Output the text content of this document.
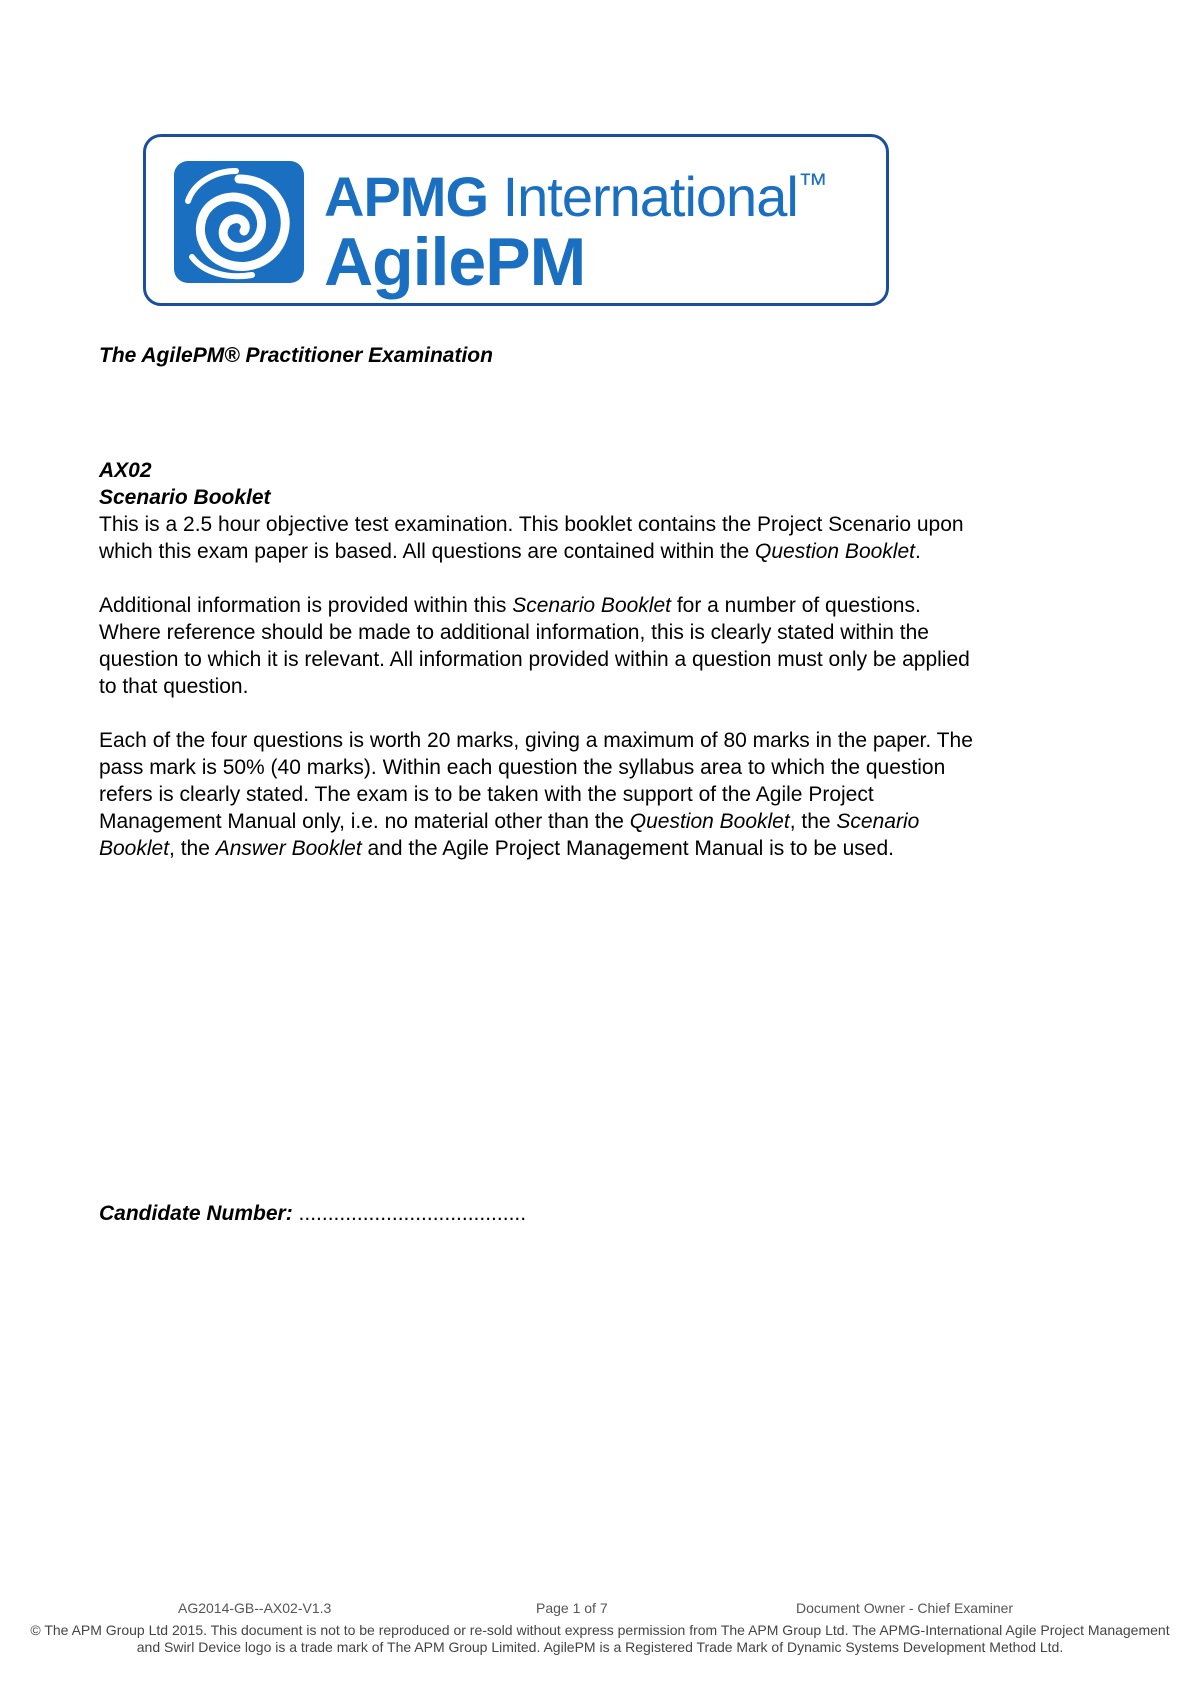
APMG International™
AgilePM
The AgilePM® Practitioner Examination
AX02
Scenario Booklet

This is a 2.5 hour objective test examination. This booklet contains the Project Scenario upon which this exam paper is based. All questions are contained within the Question Booklet.

Additional information is provided within this Scenario Booklet for a number of questions. Where reference should be made to additional information, this is clearly stated within the question to which it is relevant. All information provided within a question must only be applied to that question.

Each of the four questions is worth 20 marks, giving a maximum of 80 marks in the paper. The pass mark is 50% (40 marks). Within each question the syllabus area to which the question refers is clearly stated. The exam is to be taken with the support of the Agile Project Management Manual only, i.e. no material other than the Question Booklet, the Scenario Booklet, the Answer Booklet and the Agile Project Management Manual is to be used.

Candidate Number: .......................................
AG2014-GB--AX02-V1.3	Page 1 of 7	Document Owner - Chief Examiner
© The APM Group Ltd 2015. This document is not to be reproduced or re-sold without express permission from The APM Group Ltd. The APMG-International Agile Project Management and Swirl Device logo is a trade mark of The APM Group Limited. AgilePM is a Registered Trade Mark of Dynamic Systems Development Method Ltd.
